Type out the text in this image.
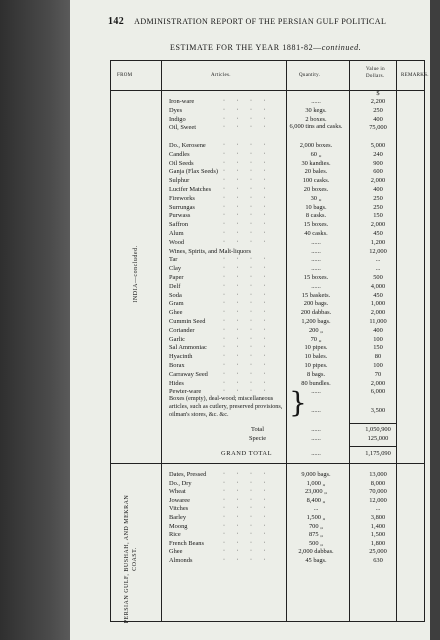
142 ADMINISTRATION REPORT OF THE PERSIAN GULF POLITICAL
ESTIMATE FOR THE YEAR 1881-82—continued.
FROM	Articles.	Quantity.
Value in
Dollars.	REMARKS.
INDIA—concluded.
PERSIAN GULF, BUSHAH, AND MEKRAN COAST.
$
Iron-ware	· · · ·	......	2,200
Dyes	· · · ·	30 kegs.	250
Indigo	· · · ·	2 boxes.	400
Oil, Sweet	· · · ·	6,000 tins and casks.	75,000
Do., Kerosene	· · · ·	2,000 boxes.	5,000
Candles	· · · ·	60 „	240
Oil Seeds	· · · ·	30 kandies.	900
Ganja (Flax Seeds) · · · ·	20 bales.	600
Sulphur	· · · ·	100 casks.	2,000
Lucifer Matches · · · ·	20 boxes.	400
Fireworks	· · · ·	30 „	250
Surrungas	· · · ·	10 bags.	250
Purwass	· · · ·	8 casks.	150
Saffron	· · · ·	15 boxes.	2,000
Alum	· · · ·	40 casks.	450
Wood	· · · ·	......	1,200
Wines, Spirits, and Malt-liquors	......	12,000
Tar	· · · ·	......	...
Clay	· · · ·	......	...
Paper	· · · ·	15 boxes.	500
Delf	· · · ·	......	4,000
Soda	· · · ·	15 baskets.	450
Gram	· · · ·	200 bags.	1,000
Ghee	· · · ·	200 dabbas.	2,000
Cummin Seed	· · · ·	1,200 bags.	11,000
Coriander	· · · ·	200 „	400
Garlic	· · · ·	70 „	100
Sal Ammoniac	· · · ·	10 pipes.	150
Hyacinth	· · · ·	10 bales.	80
Borax	· · · ·	10 pipes.	100
Carraway Seed	· · · ·	8 bags.	70
Hides	· · · ·	80 bundles.	2,000
Pewter-ware	· · · ·	......	6,000
Boxes (empty), deal-wood; miscellaneous articles, such as cutlery, preserved provisions, oilman's stores, &c. &c.	} ......	3,500
Total	......	1,050,900
Specie	......	125,000
GRAND TOTAL	......	1,175,090
Dates, Pressed	· · · ·	9,000 bags.	13,000
Do., Dry	· · · ·	1,000 „	8,000
Wheat	· · · ·	23,000 „	70,000
Jowaree	· · · ·	8,400 „	12,000
Vitches	· · · ·	...	...
Barley	· · · ·	1,500 „	3,800
Moong	· · · ·	700 „	1,400
Rice	· · · ·	875 „	1,500
French Beans	· · · ·	500 „	1,800
Ghee	· · · ·	2,000 dabbas.	25,000
Almonds	· · · ·	45 bags.	630
